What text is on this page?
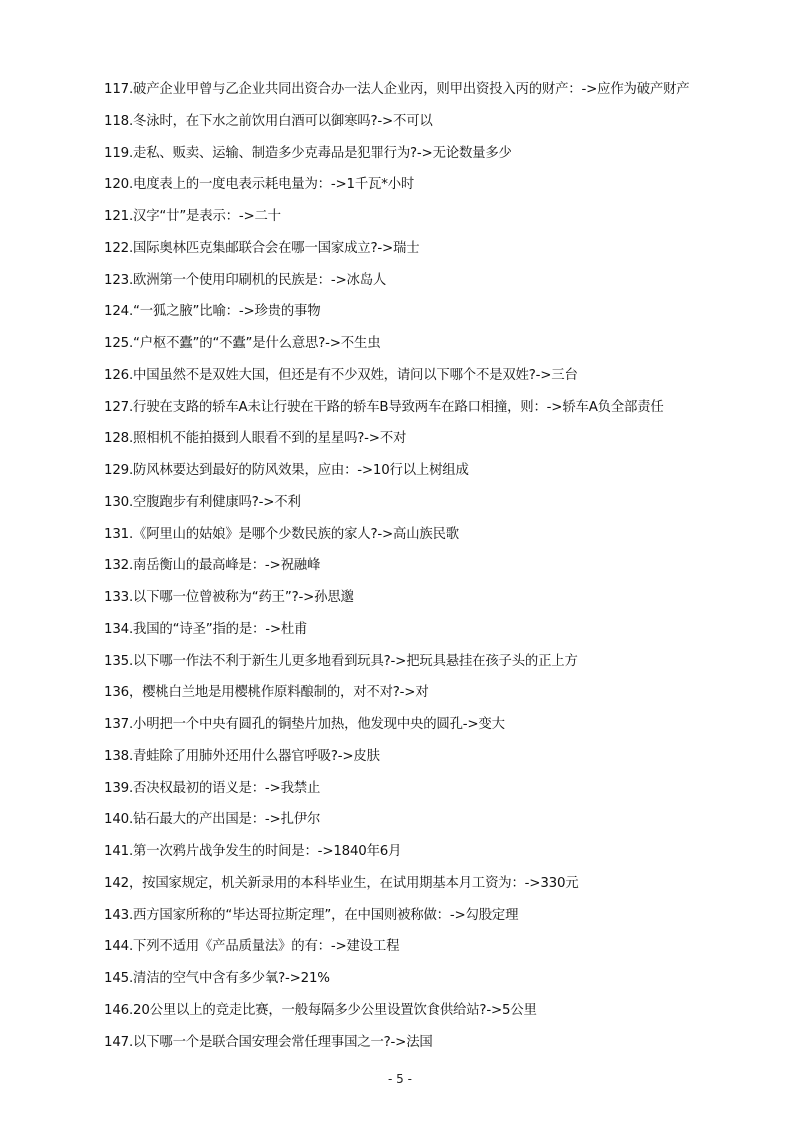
117.破产企业甲曾与乙企业共同出资合办一法人企业丙，则甲出资投入丙的财产：->应作为破产财产
118.冬泳时，在下水之前饮用白酒可以御寒吗?->不可以
119.走私、贩卖、运输、制造多少克毒品是犯罪行为?->无论数量多少
120.电度表上的一度电表示耗电量为：->1千瓦*小时
121.汉字“廿”是表示：->二十
122.国际奥林匹克集邮联合会在哪一国家成立?->瑞士
123.欧洲第一个使用印刷机的民族是：->冰岛人
124.“一狐之腋”比喻：->珍贵的事物
125.“户枢不蠹”的“不蠹”是什么意思?->不生虫
126.中国虽然不是双姓大国，但还是有不少双姓，请问以下哪个不是双姓?->三台
127.行驶在支路的轿车A未让行驶在干路的轿车B导致两车在路口相撞，则：->轿车A负全部责任
128.照相机不能拍摄到人眼看不到的星星吗?->不对
129.防风林要达到最好的防风效果，应由：->10行以上树组成
130.空腹跑步有利健康吗?->不利
131.《阿里山的姑娘》是哪个少数民族的家人?->高山族民歌
132.南岳衡山的最高峰是：->祝融峰
133.以下哪一位曾被称为“药王”?->孙思邈
134.我国的“诗圣”指的是：->杜甫
135.以下哪一作法不利于新生儿更多地看到玩具?->把玩具悬挂在孩子头的正上方
136，樱桃白兰地是用樱桃作原料酿制的，对不对?->对
137.小明把一个中央有圆孔的铜垫片加热，他发现中央的圆孔->变大
138.青蛙除了用肺外还用什么器官呼吸?->皮肤
139.否决权最初的语义是：->我禁止
140.钻石最大的产出国是：->扎伊尔
141.第一次鸦片战争发生的时间是：->1840年6月
142，按国家规定，机关新录用的本科毕业生，在试用期基本月工资为：->330元
143.西方国家所称的“毕达哥拉斯定理”，在中国则被称做：->勾股定理
144.下列不适用《产品质量法》的有：->建设工程
145.清洁的空气中含有多少氧?->21%
146.20公里以上的竞走比赛，一般每隔多少公里设置饮食供给站?->5公里
147.以下哪一个是联合国安理会常任理事国之一?->法国
- 5 -
